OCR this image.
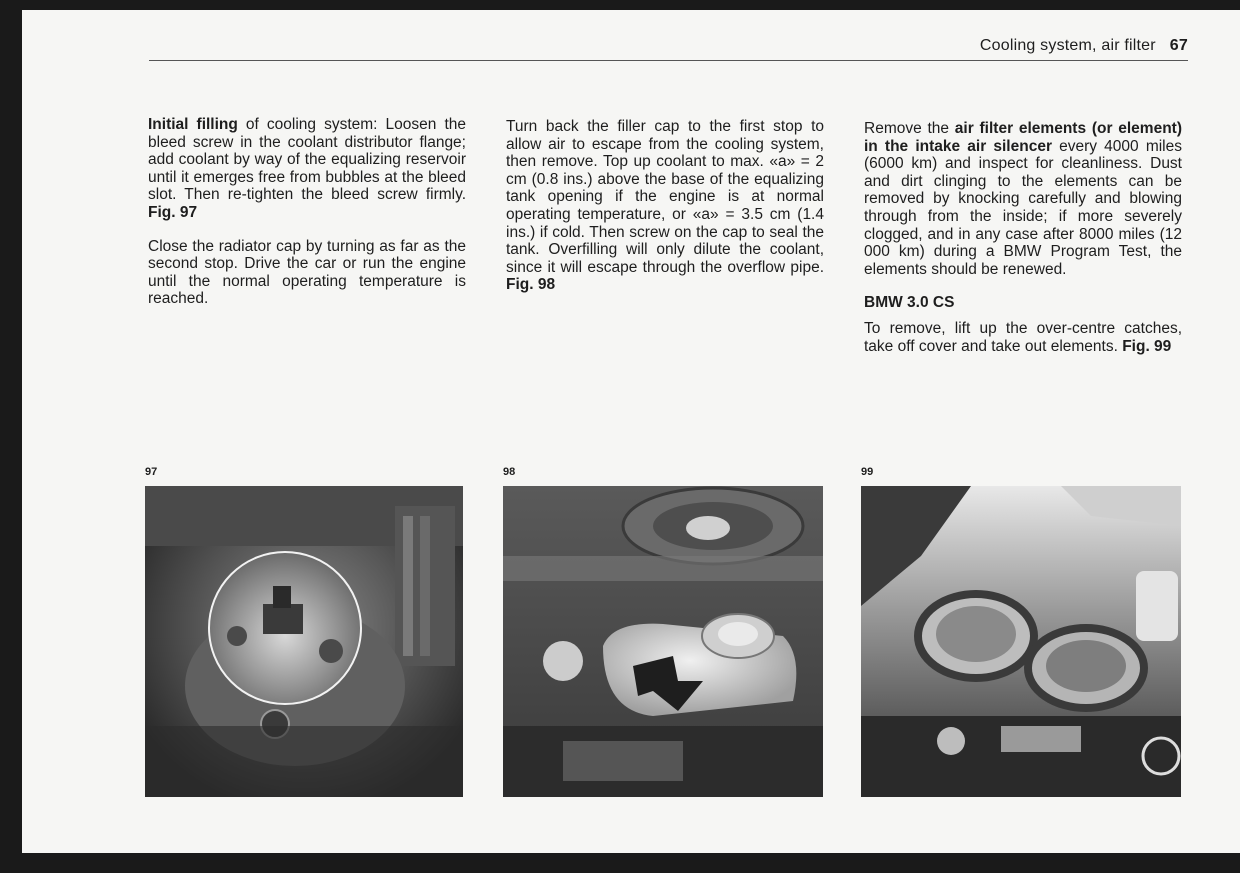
Cooling system, air filter 67

Initial filling of cooling system: Loosen the bleed screw in the coolant distributor flange; add coolant by way of the equalizing reservoir until it emerges free from bubbles at the bleed slot. Then re-tighten the bleed screw firmly. Fig. 97

Close the radiator cap by turning as far as the second stop. Drive the car or run the engine until the normal operating temperature is reached.

Turn back the filler cap to the first stop to allow air to escape from the cooling system, then remove. Top up coolant to max. «a» = 2 cm (0.8 ins.) above the base of the equalizing tank opening if the engine is at normal operating temperature, or «a» = 3.5 cm (1.4 ins.) if cold. Then screw on the cap to seal the tank. Overfilling will only dilute the coolant, since it will escape through the overflow pipe. Fig. 98

Remove the air filter elements (or element) in the intake air silencer every 4000 miles (6000 km) and inspect for cleanliness. Dust and dirt clinging to the elements can be removed by knocking carefully and blowing through from the inside; if more severely clogged, and in any case after 8000 miles (12 000 km) during a BMW Program Test, the elements should be renewed.

BMW 3.0 CS

To remove, lift up the over-centre catches, take off cover and take out elements. Fig. 99

97	98	99
